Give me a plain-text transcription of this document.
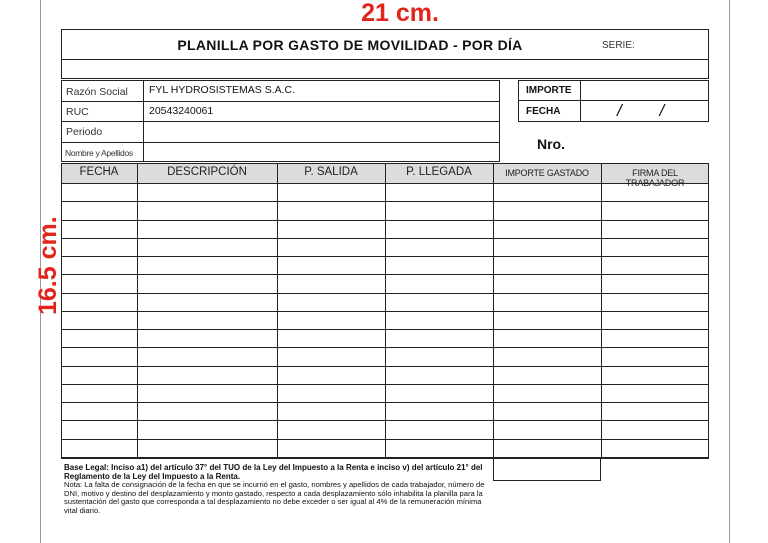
21 cm.
16.5 cm.
PLANILLA POR GASTO DE MOVILIDAD - POR DÍA	SERIE:
Razón Social FYL HYDROSISTEMAS S.A.C.
RUC	20543240061
Periodo
Nombre y Apellidos
IMPORTE
FECHA	/        /
Nro.
FECHA	DESCRIPCIÓN	P. SALIDA	P. LLEGADA	IMPORTE GASTADO	FIRMA DEL TRABAJADOR
Base Legal: Inciso a1) del artículo 37° del TUO de la Ley del Impuesto a la Renta e inciso v) del artículo 21° del Reglamento de la Ley del Impuesto a la Renta.
Nota: La falta de consignación de la fecha en que se incurrió en el gasto, nombres y apellidos de cada trabajador, número de DNI, motivo y destino del desplazamiento y monto gastado, respecto a cada desplazamiento sólo inhabilita la planilla para la sustentación del gasto que corresponda a tal desplazamiento no debe exceder o ser igual al 4% de la remuneración mínima vital diario.
